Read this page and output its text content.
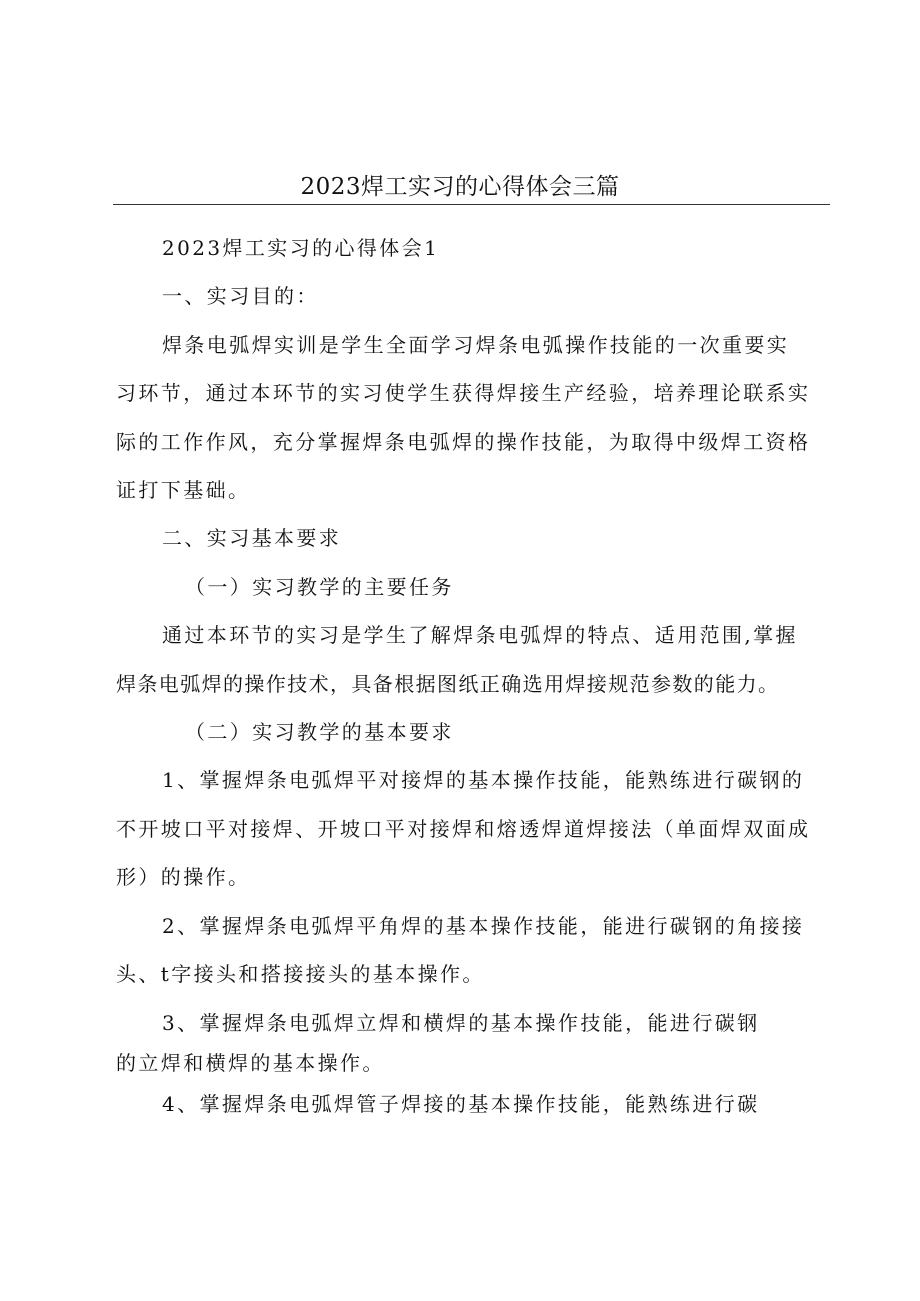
2023焊工实习的心得体会三篇

2023焊工实习的心得体会1

一、实习目的：

焊条电弧焊实训是学生全面学习焊条电弧操作技能的一次重要实

习环节，通过本环节的实习使学生获得焊接生产经验，培养理论联系实

际的工作作风，充分掌握焊条电弧焊的操作技能，为取得中级焊工资格

证打下基础。

二、实习基本要求

（一）实习教学的主要任务

通过本环节的实习是学生了解焊条电弧焊的特点、适用范围,掌握

焊条电弧焊的操作技术，具备根据图纸正确选用焊接规范参数的能力。

（二）实习教学的基本要求

1、掌握焊条电弧焊平对接焊的基本操作技能，能熟练进行碳钢的

不开坡口平对接焊、开坡口平对接焊和熔透焊道焊接法（单面焊双面成

形）的操作。

2、掌握焊条电弧焊平角焊的基本操作技能，能进行碳钢的角接接

头、t字接头和搭接接头的基本操作。

3、掌握焊条电弧焊立焊和横焊的基本操作技能，能进行碳钢

的立焊和横焊的基本操作。

4、掌握焊条电弧焊管子焊接的基本操作技能，能熟练进行碳
